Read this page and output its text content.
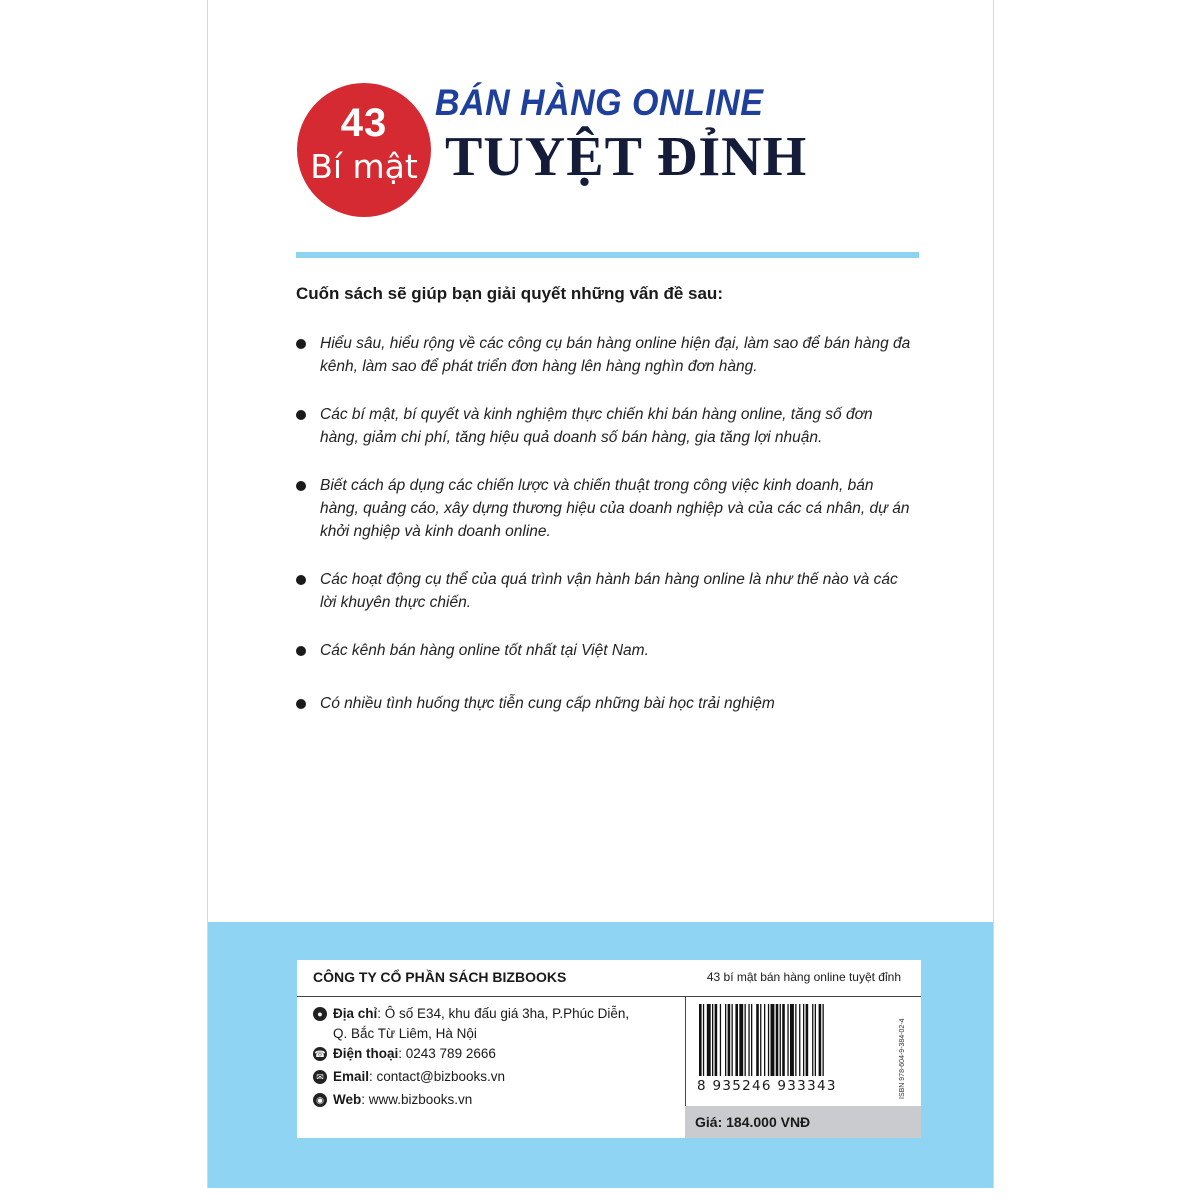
43
Bí mật
BÁN HÀNG ONLINE
TUYỆT ĐỈNH
Cuốn sách sẽ giúp bạn giải quyết những vấn đề sau:
Hiểu sâu, hiểu rộng về các công cụ bán hàng online hiện đại, làm sao để bán hàng đa
kênh, làm sao để phát triển đơn hàng lên hàng nghìn đơn hàng.
Các bí mật, bí quyết và kinh nghiệm thực chiến khi bán hàng online, tăng số đơn
hàng, giảm chi phí, tăng hiệu quả doanh số bán hàng, gia tăng lợi nhuận.
Biết cách áp dụng các chiến lược và chiến thuật trong công việc kinh doanh, bán
hàng, quảng cáo, xây dựng thương hiệu của doanh nghiệp và của các cá nhân, dự án
khởi nghiệp và kinh doanh online.
Các hoạt động cụ thể của quá trình vận hành bán hàng online là như thế nào và các
lời khuyên thực chiến.
Các kênh bán hàng online tốt nhất tại Việt Nam.
Có nhiều tình huống thực tiễn cung cấp những bài học trải nghiệm
CÔNG TY CỔ PHẦN SÁCH BIZBOOKS	43 bí mật bán hàng online tuyệt đỉnh
● Địa chỉ: Ô số E34, khu đấu giá 3ha, P.Phúc Diễn,
Q. Bắc Từ Liêm, Hà Nội
☎ Điện thoại: 0243 789 2666
✉ Email: contact@bizbooks.vn
◉ Web: www.bizbooks.vn
ISBN 978-604-9-384-02-4
8 935246 933343
Giá: 184.000 VNĐ
